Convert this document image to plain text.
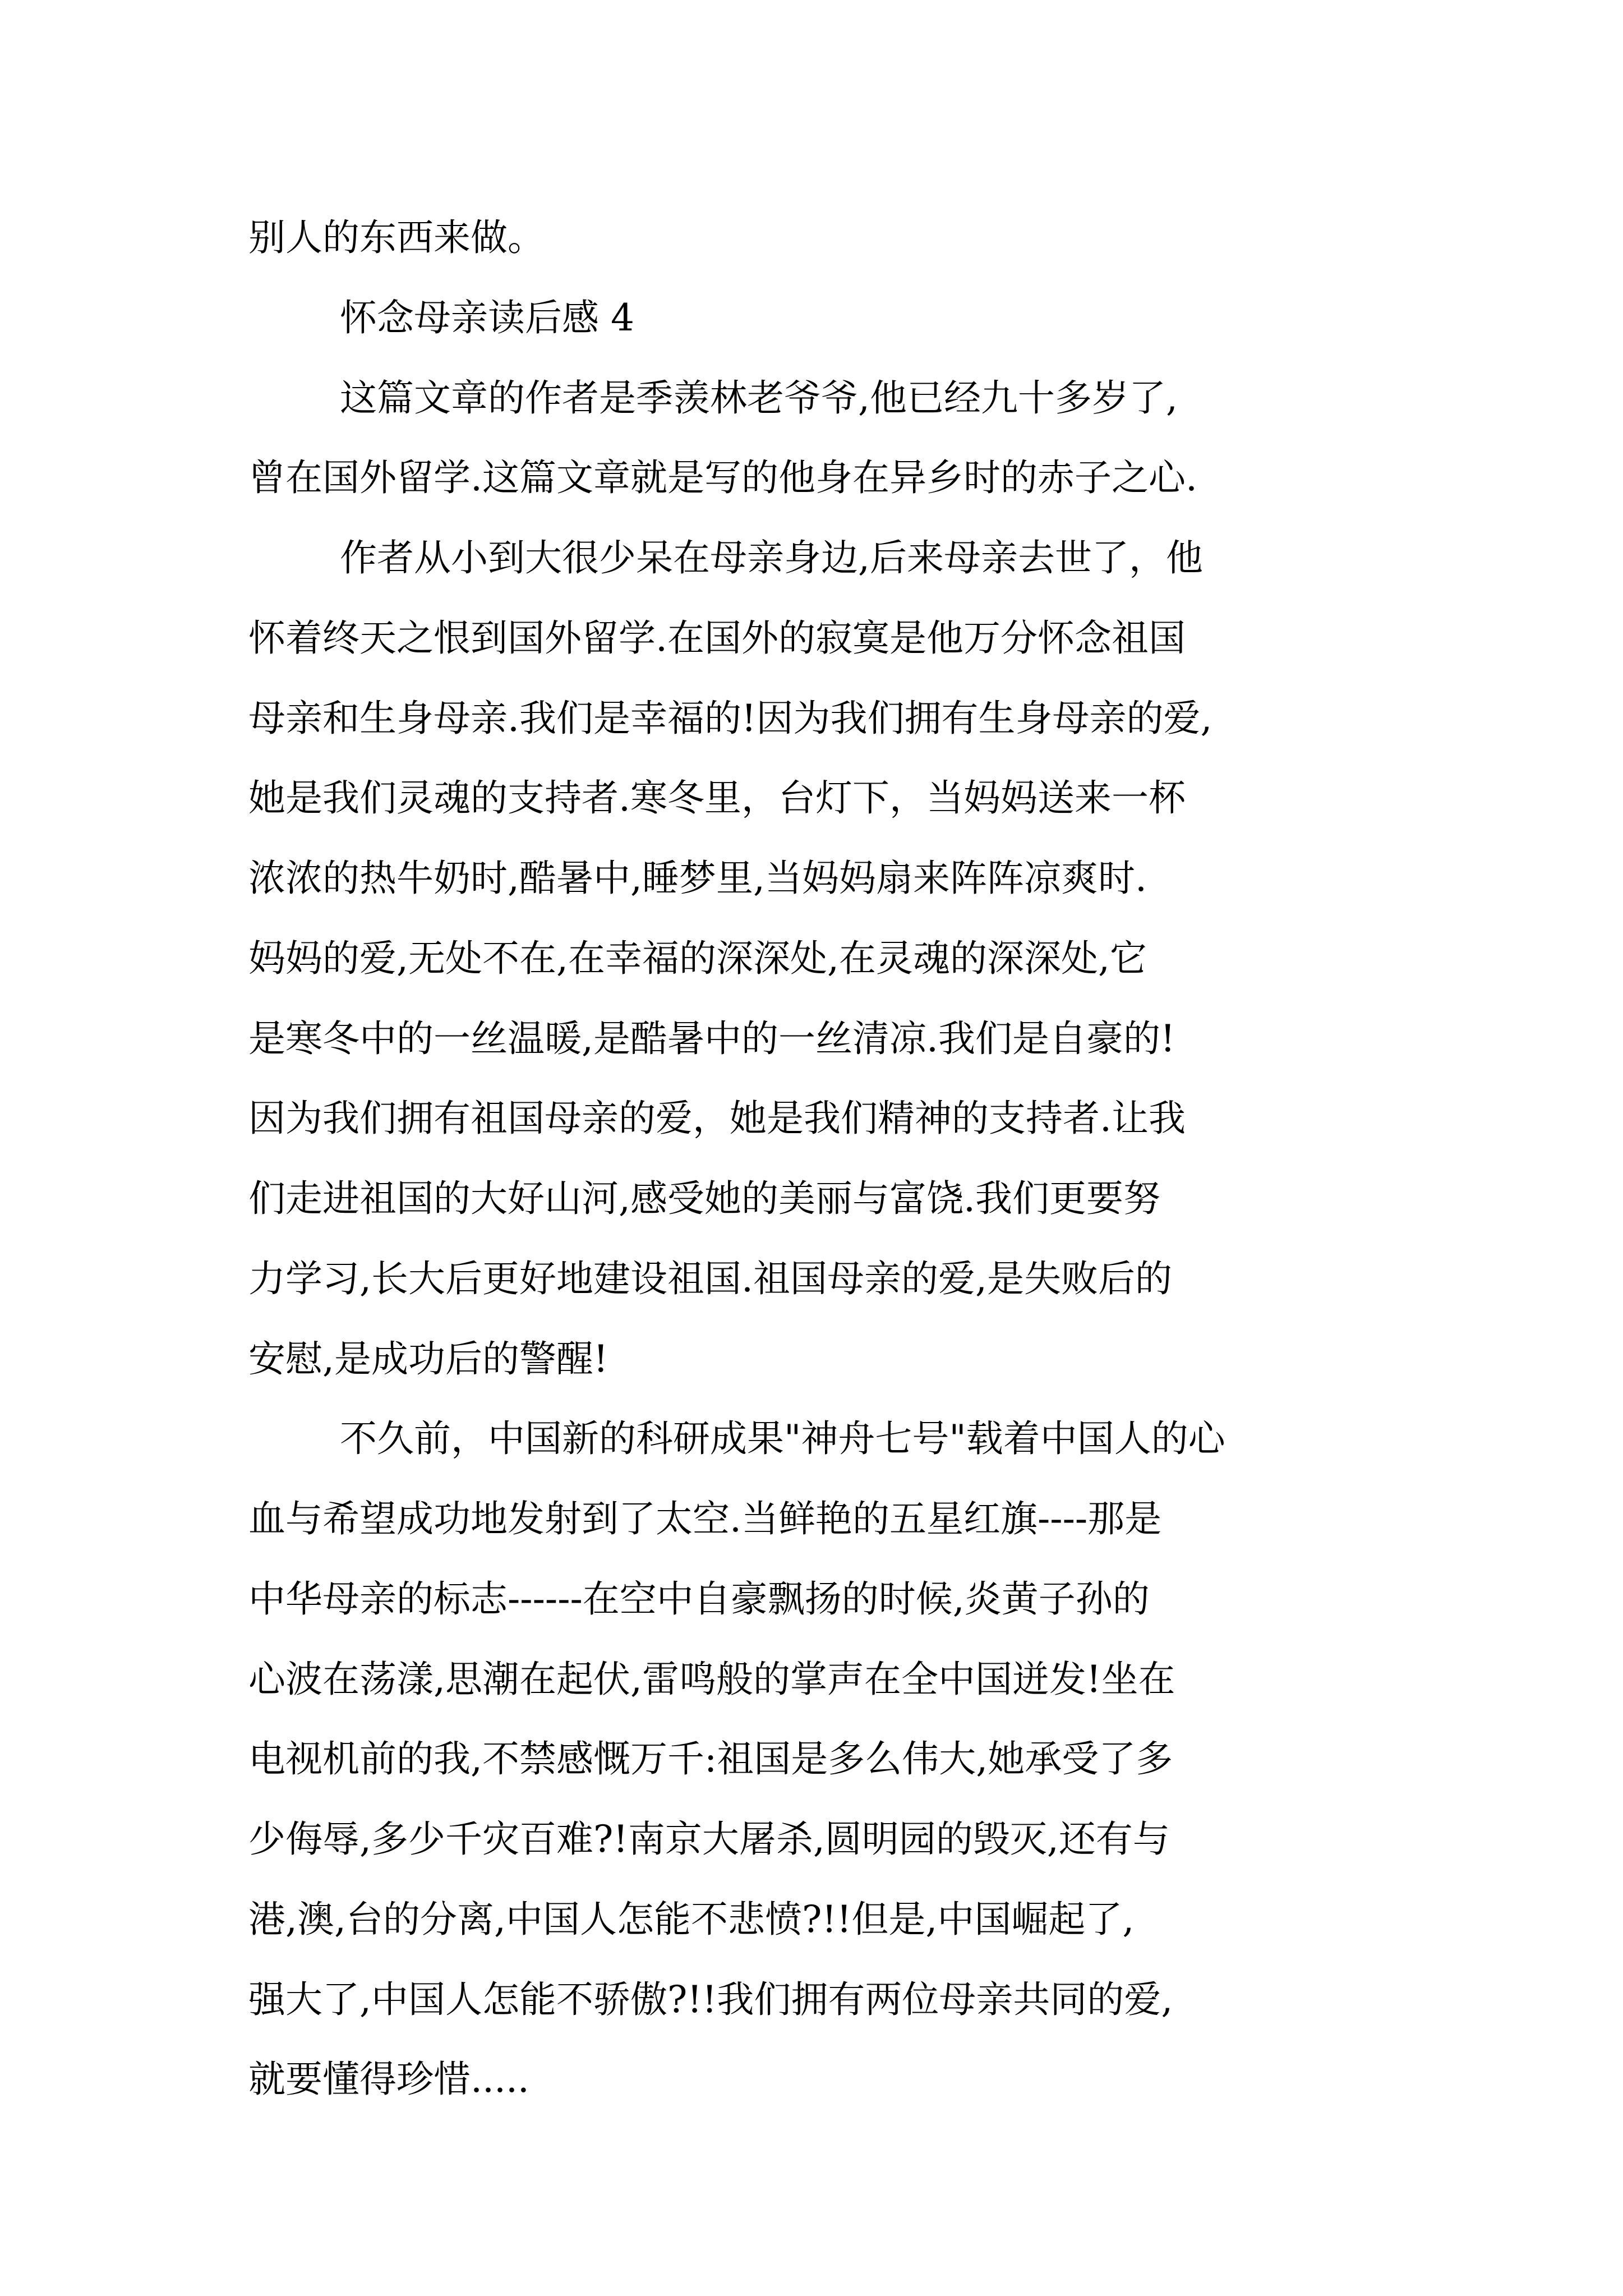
别人的东西来做。

怀念母亲读后感 4

这篇文章的作者是季羡林老爷爷,他已经九十多岁了,

曾在国外留学.这篇文章就是写的他身在异乡时的赤子之心.

作者从小到大很少呆在母亲身边,后来母亲去世了，他

怀着终天之恨到国外留学.在国外的寂寞是他万分怀念祖国

母亲和生身母亲.我们是幸福的!因为我们拥有生身母亲的爱,

她是我们灵魂的支持者.寒冬里，台灯下，当妈妈送来一杯

浓浓的热牛奶时,酷暑中,睡梦里,当妈妈扇来阵阵凉爽时.

妈妈的爱,无处不在,在幸福的深深处,在灵魂的深深处,它

是寒冬中的一丝温暖,是酷暑中的一丝清凉.我们是自豪的!

因为我们拥有祖国母亲的爱，她是我们精神的支持者.让我

们走进祖国的大好山河,感受她的美丽与富饶.我们更要努

力学习,长大后更好地建设祖国.祖国母亲的爱,是失败后的

安慰,是成功后的警醒!

不久前，中国新的科研成果"神舟七号"载着中国人的心

血与希望成功地发射到了太空.当鲜艳的五星红旗----那是

中华母亲的标志------在空中自豪飘扬的时候,炎黄子孙的

心波在荡漾,思潮在起伏,雷鸣般的掌声在全中国迸发!坐在

电视机前的我,不禁感慨万千:祖国是多么伟大,她承受了多

少侮辱,多少千灾百难?!南京大屠杀,圆明园的毁灭,还有与

港,澳,台的分离,中国人怎能不悲愤?!!但是,中国崛起了,

强大了,中国人怎能不骄傲?!!我们拥有两位母亲共同的爱,

就要懂得珍惜.....
